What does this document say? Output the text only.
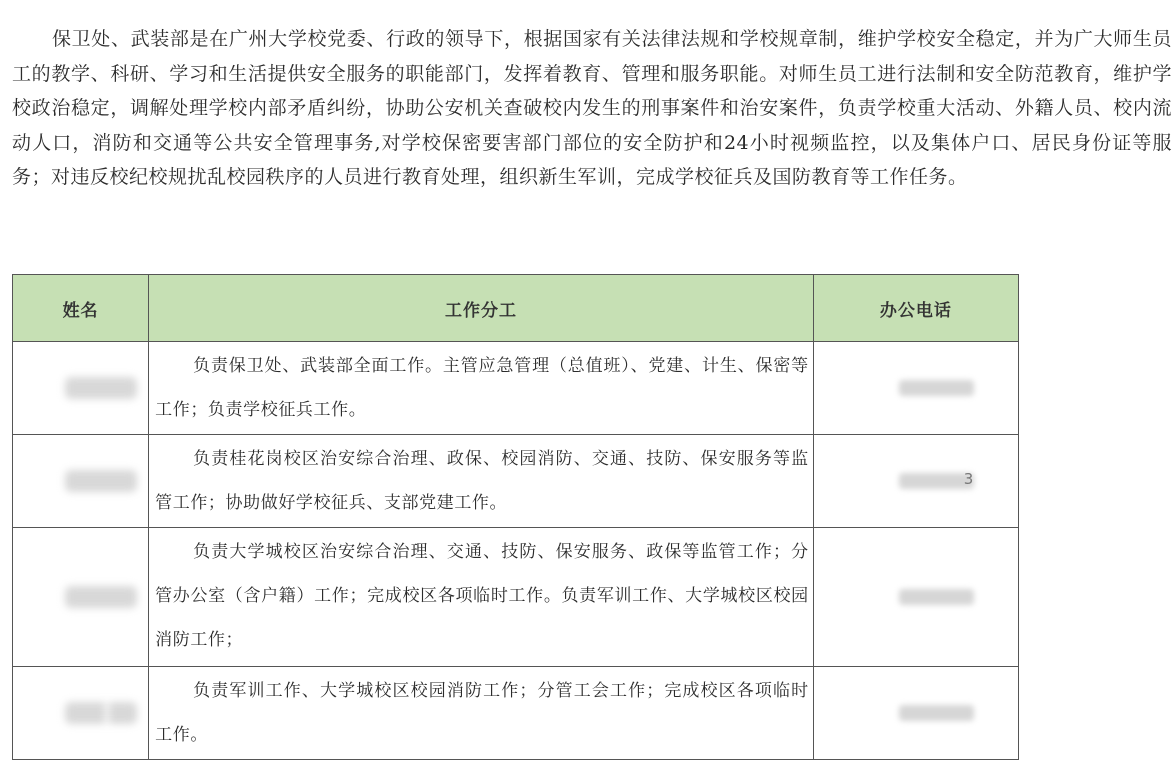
保卫处、武装部是在广州大学校党委、行政的领导下，根据国家有关法律法规和学校规章制，维护学校安全稳定，并为广大师生员工的教学、科研、学习和生活提供安全服务的职能部门，发挥着教育、管理和服务职能。对师生员工进行法制和安全防范教育，维护学校政治稳定，调解处理学校内部矛盾纠纷，协助公安机关查破校内发生的刑事案件和治安案件，负责学校重大活动、外籍人员、校内流动人口，消防和交通等公共安全管理事务,对学校保密要害部门部位的安全防护和24小时视频监控，以及集体户口、居民身份证等服务；对违反校纪校规扰乱校园秩序的人员进行教育处理，组织新生军训，完成学校征兵及国防教育等工作任务。

姓名	工作分工	办公电话

	负责保卫处、武装部全面工作。主管应急管理（总值班）、党建、计生、保密等工作；负责学校征兵工作。	

	负责桂花岗校区治安综合治理、政保、校园消防、交通、技防、保安服务等监管工作；协助做好学校征兵、支部党建工作。	3

	负责大学城校区治安综合治理、交通、技防、保安服务、政保等监管工作；分管办公室（含户籍）工作；完成校区各项临时工作。负责军训工作、大学城校区校园消防工作；	

	负责军训工作、大学城校区校园消防工作；分管工会工作；完成校区各项临时工作。	
